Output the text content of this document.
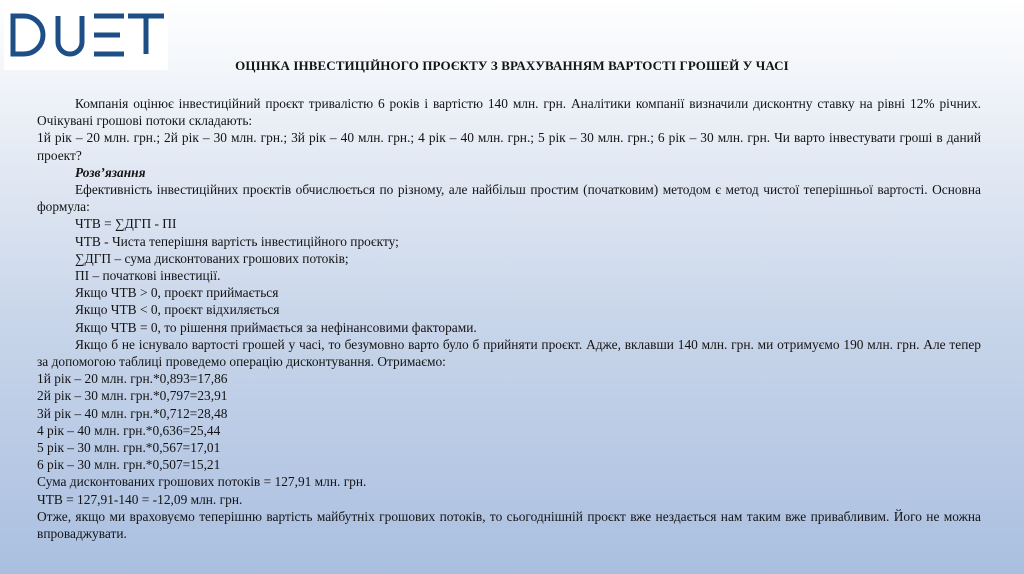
ОЦІНКА ІНВЕСТИЦІЙНОГО ПРОЄКТУ З ВРАХУВАННЯМ ВАРТОСТІ ГРОШЕЙ У ЧАСІ

Компанія оцінює інвестиційний проєкт тривалістю 6 років і вартістю 140 млн. грн. Аналітики компанії визначили дисконтну ставку на рівні 12% річних. Очікувані грошові потоки складають:

1й рік – 20 млн. грн.; 2й рік – 30 млн. грн.; 3й рік – 40 млн. грн.; 4 рік – 40 млн. грн.; 5 рік – 30 млн. грн.; 6 рік – 30 млн. грн. Чи варто інвестувати гроші в даний проект?

Розв’язання

Ефективність інвестиційних проєктів обчислюється по різному, але найбільш простим (початковим) методом є метод чистої теперішньої вартості. Основна формула:

ЧТВ = ∑ДГП - ПІ

ЧТВ - Чиста теперішня вартість інвестиційного проєкту;

∑ДГП – сума дисконтованих грошових потоків;

ПІ – початкові інвестиції.

Якщо ЧТВ > 0, проєкт приймається

Якщо ЧТВ < 0, проєкт відхиляється

Якщо ЧТВ = 0, то рішення приймається за нефінансовими факторами.

Якщо б не існувало вартості грошей у часі, то безумовно варто було б прийняти проєкт. Адже, вклавши 140 млн. грн. ми отримуємо 190 млн. грн. Але тепер за допомогою таблиці проведемо операцію дисконтування. Отримаємо:

1й рік – 20 млн. грн.*0,893=17,86

2й рік – 30 млн. грн.*0,797=23,91

3й рік – 40 млн. грн.*0,712=28,48

4 рік – 40 млн. грн.*0,636=25,44

5 рік – 30 млн. грн.*0,567=17,01

6 рік – 30 млн. грн.*0,507=15,21

Сума дисконтованих грошових потоків = 127,91 млн. грн.

ЧТВ = 127,91-140 = -12,09 млн. грн.

Отже, якщо ми враховуємо теперішню вартість майбутніх грошових потоків, то сьогоднішній проєкт вже нездається нам таким вже привабливим. Його не можна впроваджувати.
